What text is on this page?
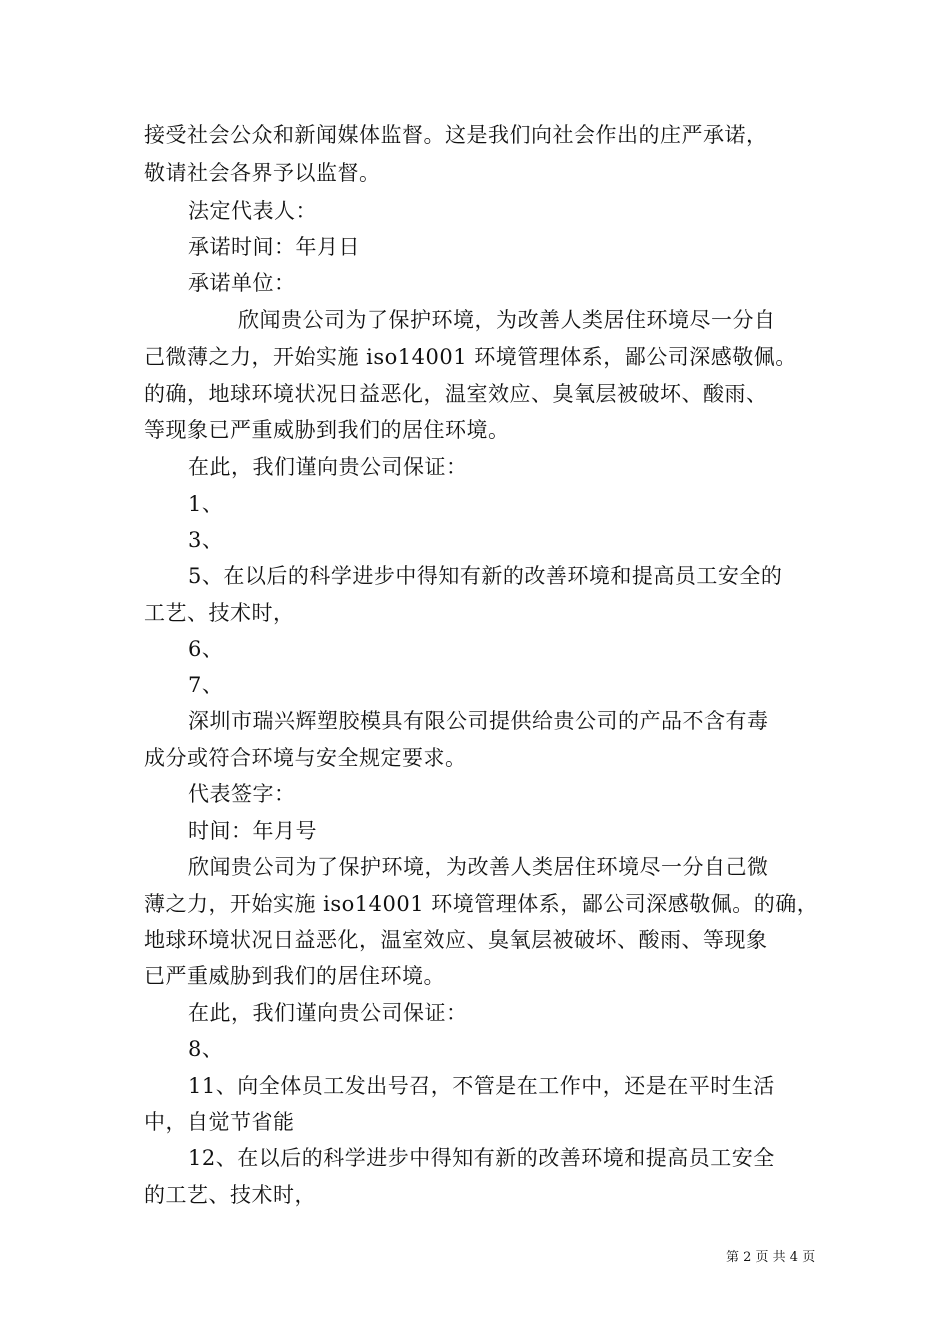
接受社会公众和新闻媒体监督。这是我们向社会作出的庄严承诺，
敬请社会各界予以监督。
法定代表人：
承诺时间：年月日
承诺单位：
欣闻贵公司为了保护环境，为改善人类居住环境尽一分自
己微薄之力，开始实施 iso14001 环境管理体系，鄙公司深感敬佩。
的确，地球环境状况日益恶化，温室效应、臭氧层被破坏、酸雨、
等现象已严重威胁到我们的居住环境。
在此，我们谨向贵公司保证：
1、
3、
5、在以后的科学进步中得知有新的改善环境和提高员工安全的
工艺、技术时，
6、
7、
深圳市瑞兴辉塑胶模具有限公司提供给贵公司的产品不含有毒
成分或符合环境与安全规定要求。
代表签字：
时间：年月号
欣闻贵公司为了保护环境，为改善人类居住环境尽一分自己微
薄之力，开始实施 iso14001 环境管理体系，鄙公司深感敬佩。的确，
地球环境状况日益恶化，温室效应、臭氧层被破坏、酸雨、等现象
已严重威胁到我们的居住环境。
在此，我们谨向贵公司保证：
8、
11、向全体员工发出号召，不管是在工作中，还是在平时生活
中，自觉节省能
12、在以后的科学进步中得知有新的改善环境和提高员工安全
的工艺、技术时，
第 2 页 共 4 页
